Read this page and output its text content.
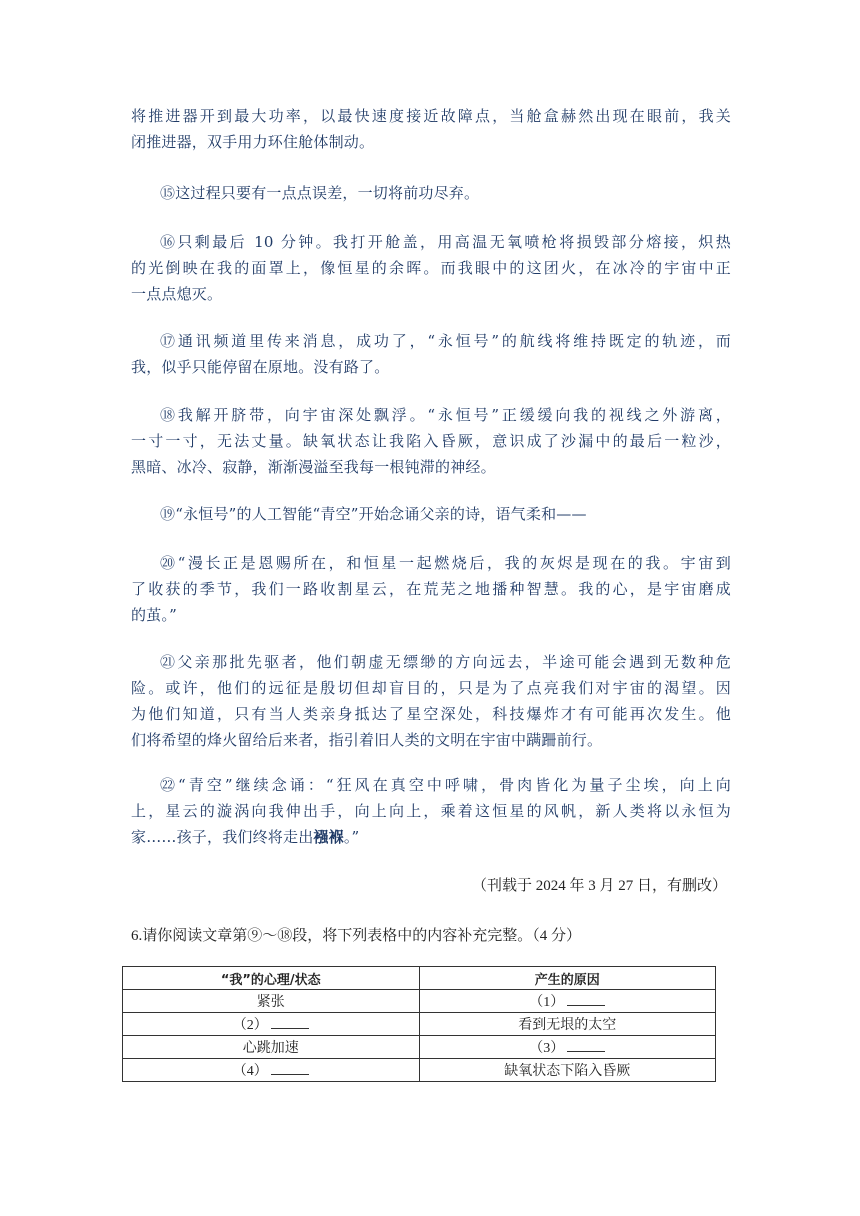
将推进器开到最大功率，以最快速度接近故障点，当舱盒赫然出现在眼前，我关
闭推进器，双手用力环住舱体制动。
⑮这过程只要有一点点误差，一切将前功尽弃。
⑯只剩最后 10 分钟。我打开舱盖，用高温无氧喷枪将损毁部分熔接，炽热
的光倒映在我的面罩上，像恒星的余晖。而我眼中的这团火，在冰冷的宇宙中正
一点点熄灭。
⑰通讯频道里传来消息，成功了，“永恒号”的航线将维持既定的轨迹，而
我，似乎只能停留在原地。没有路了。
⑱我解开脐带，向宇宙深处飘浮。“永恒号”正缓缓向我的视线之外游离，
一寸一寸，无法丈量。缺氧状态让我陷入昏厥，意识成了沙漏中的最后一粒沙，
黑暗、冰冷、寂静，渐渐漫溢至我每一根钝滞的神经。
⑲“永恒号”的人工智能“青空”开始念诵父亲的诗，语气柔和——
⑳“漫长正是恩赐所在，和恒星一起燃烧后，我的灰烬是现在的我。宇宙到
了收获的季节，我们一路收割星云，在荒芜之地播种智慧。我的心，是宇宙磨成
的茧。”
㉑父亲那批先驱者，他们朝虚无缥缈的方向远去，半途可能会遇到无数种危
险。或许，他们的远征是殷切但却盲目的，只是为了点亮我们对宇宙的渴望。因
为他们知道，只有当人类亲身抵达了星空深处，科技爆炸才有可能再次发生。他
们将希望的烽火留给后来者，指引着旧人类的文明在宇宙中蹒跚前行。
㉒“青空”继续念诵：“狂风在真空中呼啸，骨肉皆化为量子尘埃，向上向
上，星云的漩涡向我伸出手，向上向上，乘着这恒星的风帆，新人类将以永恒为
家……孩子，我们终将走出襁褓。”
（刊载于 2024 年 3 月 27 日，有删改）
6.请你阅读文章第⑨～⑱段，将下列表格中的内容补充完整。（4 分）
“我”的心理/状态	产生的原因
紧张	（1）
（2）	看到无垠的太空
心跳加速	（3）
（4）	缺氧状态下陷入昏厥
